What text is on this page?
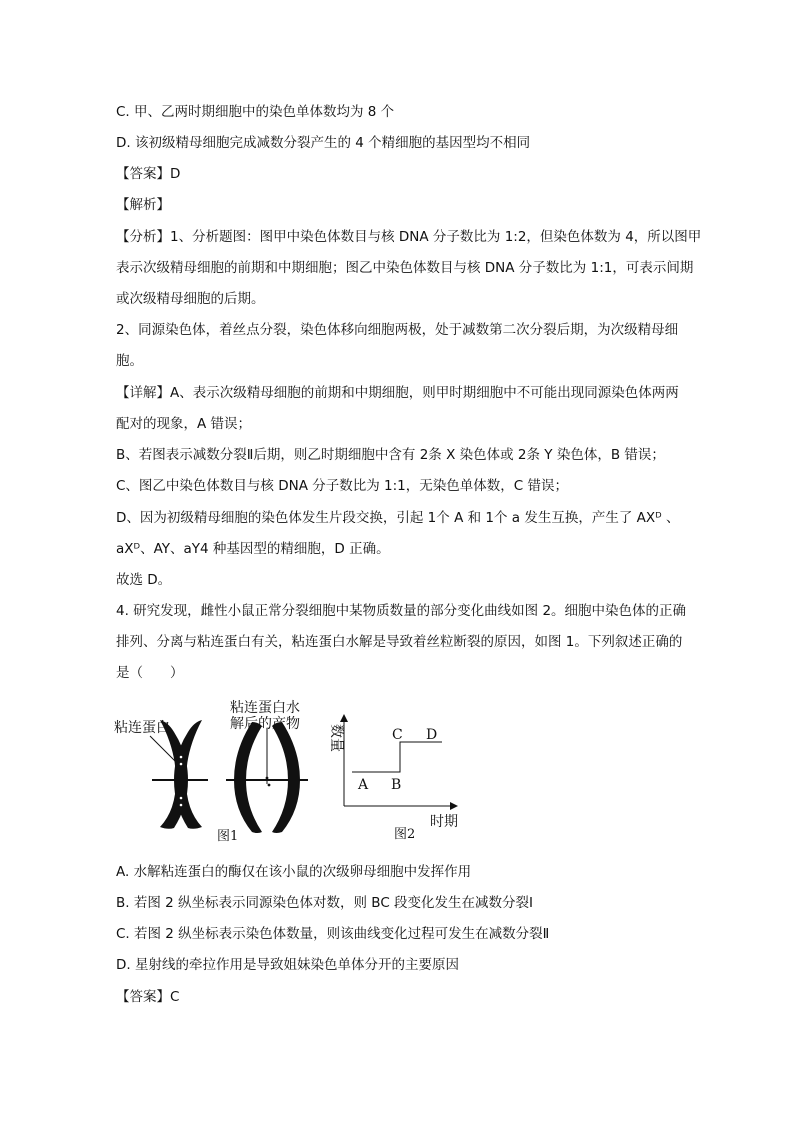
C. 甲、乙两时期细胞中的染色单体数均为 8 个
D. 该初级精母细胞完成减数分裂产生的 4 个精细胞的基因型均不相同
【答案】D
【解析】
【分析】1、分析题图：图甲中染色体数目与核 DNA 分子数比为 1:2，但染色体数为 4，所以图甲
表示次级精母细胞的前期和中期细胞；图乙中染色体数目与核 DNA 分子数比为 1:1，可表示间期
或次级精母细胞的后期。
2、同源染色体，着丝点分裂，染色体移向细胞两极，处于减数第二次分裂后期，为次级精母细
胞。
【详解】A、表示次级精母细胞的前期和中期细胞，则甲时期细胞中不可能出现同源染色体两两
配对的现象，A 错误；
B、若图表示减数分裂Ⅱ后期，则乙时期细胞中含有 2条 X 染色体或 2条 Y 染色体，B 错误；
C、图乙中染色体数目与核 DNA 分子数比为 1:1，无染色单体数，C 错误；
D、因为初级精母细胞的染色体发生片段交换，引起 1个 A 和 1个 a 发生互换，产生了 AXᴰ 、
aXᴰ、AY、aY4 种基因型的精细胞，D 正确。
故选 D。
4. 研究发现，雌性小鼠正常分裂细胞中某物质数量的部分变化曲线如图 2。细胞中染色体的正确
排列、分离与粘连蛋白有关，粘连蛋白水解是导致着丝粒断裂的原因，如图 1。下列叙述正确的
是（　　）
粘连蛋白
粘连蛋白水
解后的产物
图1
数量
时期
A B
C D
图2
A. 水解粘连蛋白的酶仅在该小鼠的次级卵母细胞中发挥作用
B. 若图 2 纵坐标表示同源染色体对数，则 BC 段变化发生在减数分裂Ⅰ
C. 若图 2 纵坐标表示染色体数量，则该曲线变化过程可发生在减数分裂Ⅱ
D. 星射线的牵拉作用是导致姐妹染色单体分开的主要原因
【答案】C
